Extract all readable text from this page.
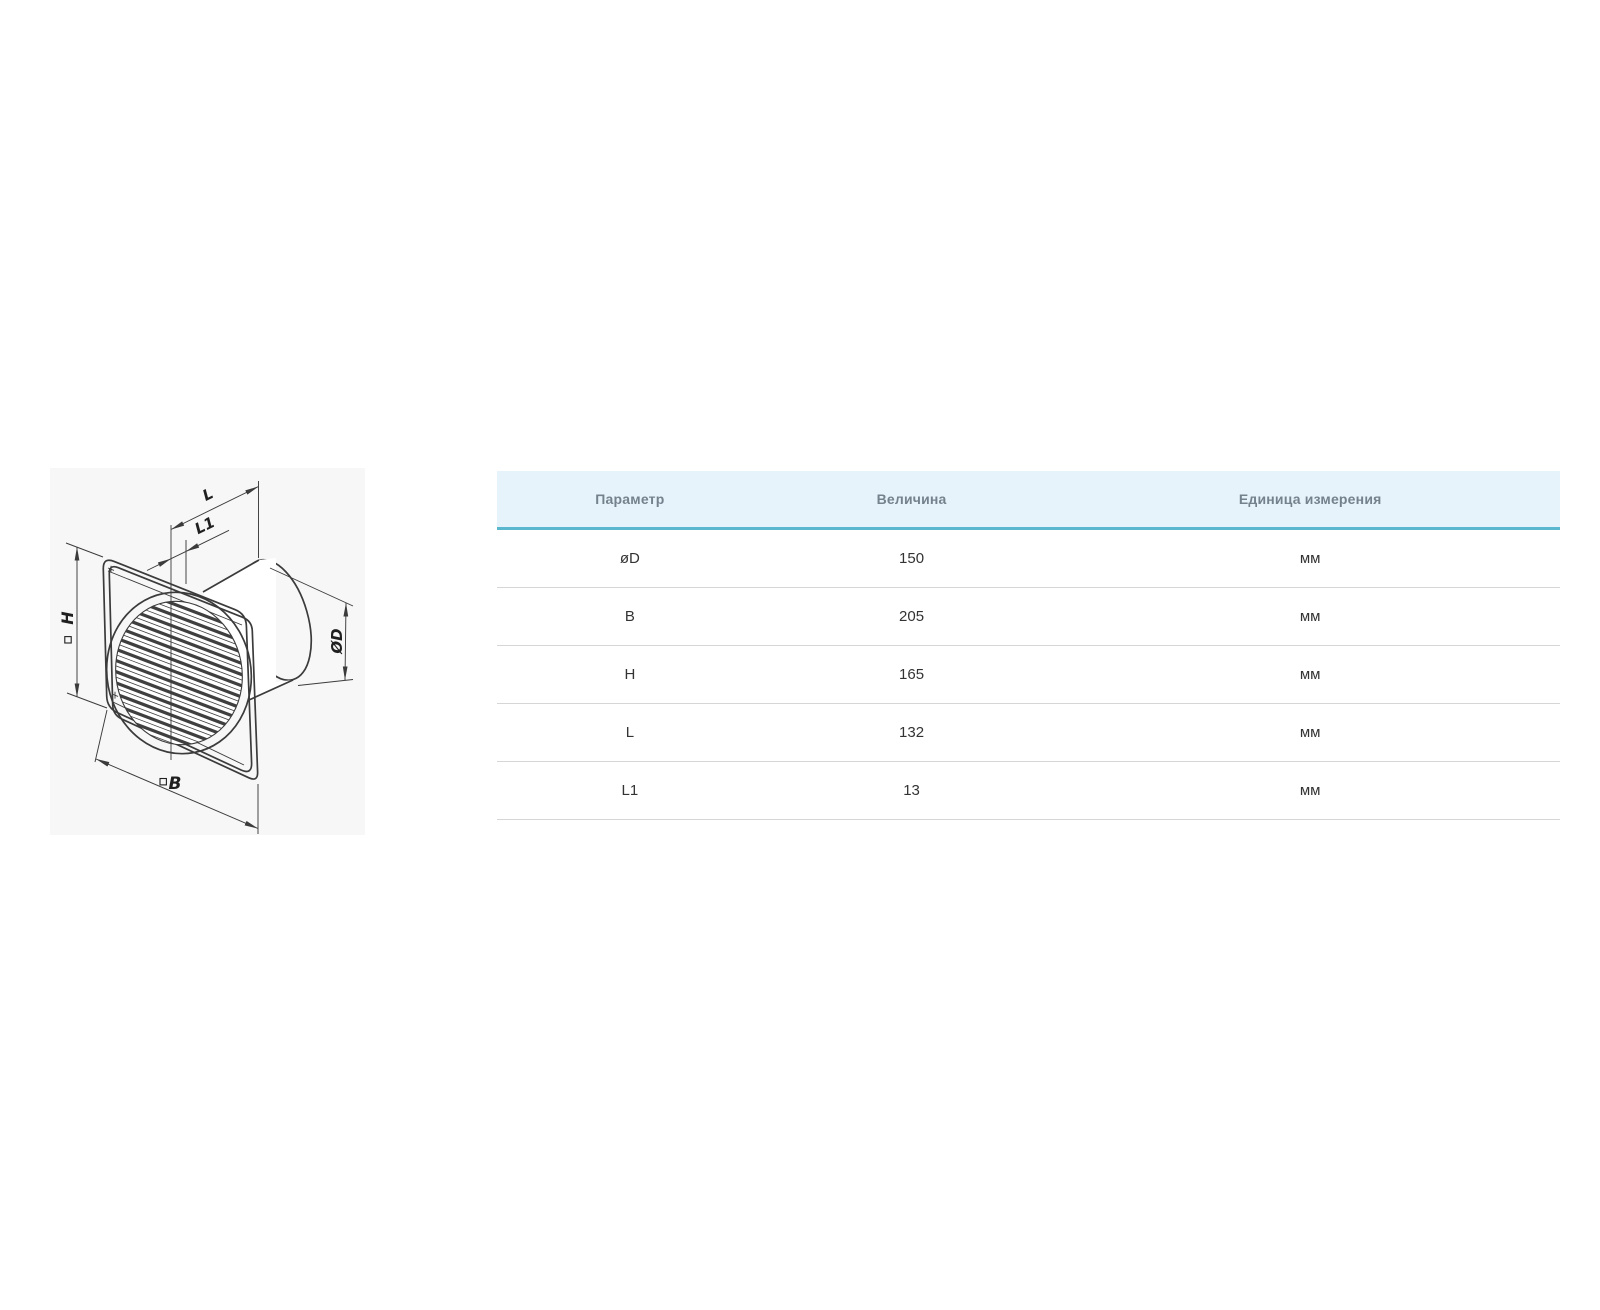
L
L1
H
B
ØD
Параметр	Величина	Единица измерения
øD	150	мм
B	205	мм
H	165	мм
L	132	мм
L1	13	мм
